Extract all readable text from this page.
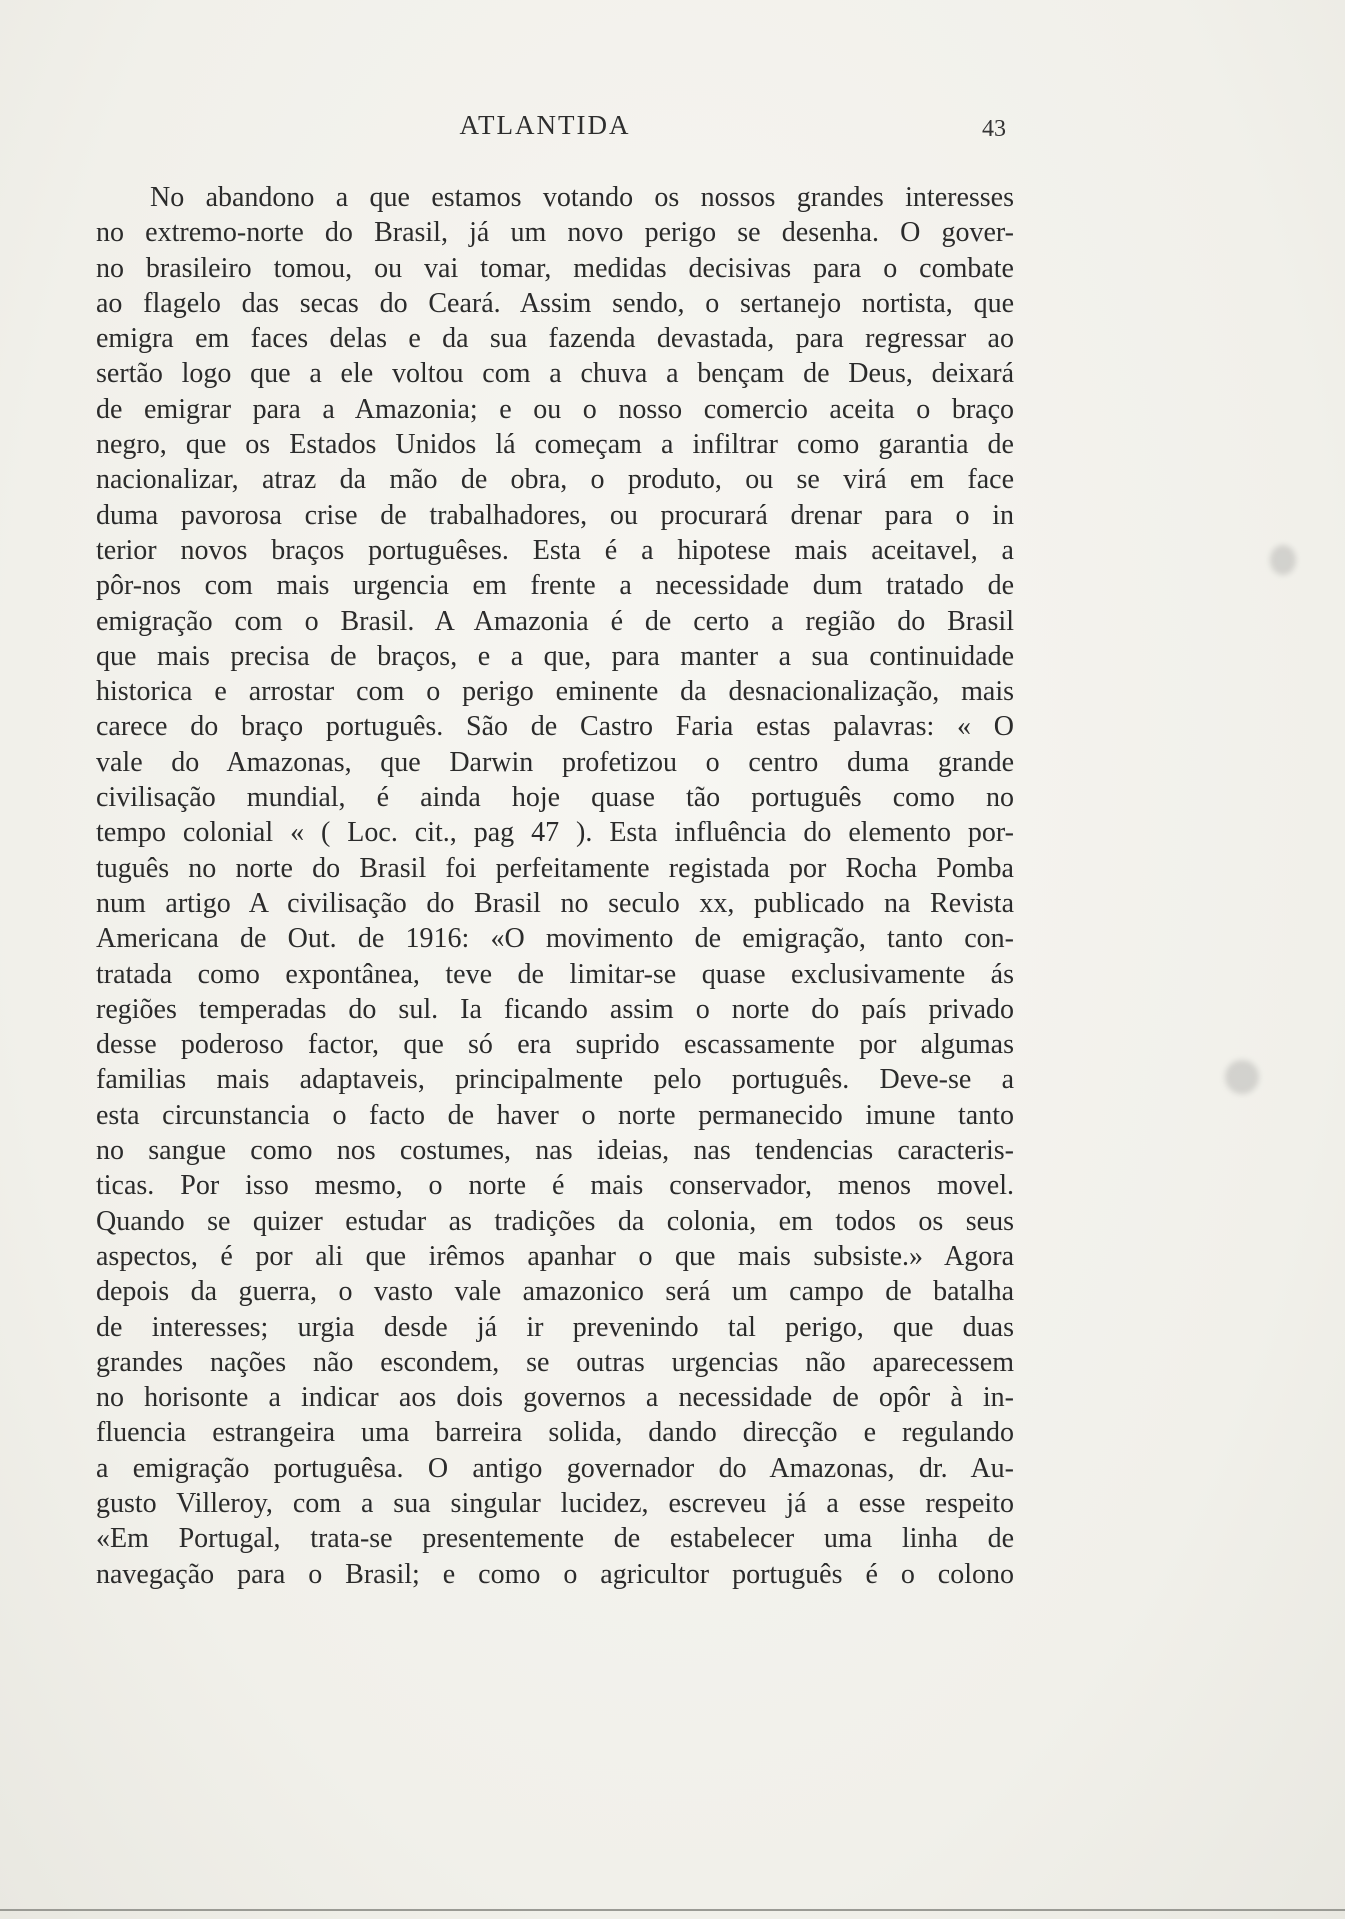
ATLANTIDA	43
No abandono a que estamos votando os nossos grandes interesses
no extremo-norte do Brasil, já um novo perigo se desenha. O gover-
no brasileiro tomou, ou vai tomar, medidas decisivas para o combate
ao flagelo das secas do Ceará. Assim sendo, o sertanejo nortista, que
emigra em faces delas e da sua fazenda devastada, para regressar ao
sertão logo que a ele voltou com a chuva a bençam de Deus, deixará
de emigrar para a Amazonia; e ou o nosso comercio aceita o braço
negro, que os Estados Unidos lá começam a infiltrar como garantia de
nacionalizar, atraz da mão de obra, o produto, ou se virá em face
duma pavorosa crise de trabalhadores, ou procurará drenar para o in
terior novos braços portuguêses. Esta é a hipotese mais aceitavel, a
pôr-nos com mais urgencia em frente a necessidade dum tratado de
emigração com o Brasil. A Amazonia é de certo a região do Brasil
que mais precisa de braços, e a que, para manter a sua continuidade
historica e arrostar com o perigo eminente da desnacionalização, mais
carece do braço português. São de Castro Faria estas palavras: « O
vale do Amazonas, que Darwin profetizou o centro duma grande
civilisação mundial, é ainda hoje quase tão português como no
tempo colonial « ( Loc. cit., pag 47 ). Esta influência do elemento por-
tuguês no norte do Brasil foi perfeitamente registada por Rocha Pomba
num artigo A civilisação do Brasil no seculo xx, publicado na Revista
Americana de Out. de 1916: «O movimento de emigração, tanto con-
tratada como expontânea, teve de limitar-se quase exclusivamente ás
regiões temperadas do sul. Ia ficando assim o norte do país privado
desse poderoso factor, que só era suprido escassamente por algumas
familias mais adaptaveis, principalmente pelo português. Deve-se a
esta circunstancia o facto de haver o norte permanecido imune tanto
no sangue como nos costumes, nas ideias, nas tendencias caracteris-
ticas. Por isso mesmo, o norte é mais conservador, menos movel.
Quando se quizer estudar as tradições da colonia, em todos os seus
aspectos, é por ali que irêmos apanhar o que mais subsiste.» Agora
depois da guerra, o vasto vale amazonico será um campo de batalha
de interesses; urgia desde já ir prevenindo tal perigo, que duas
grandes nações não escondem, se outras urgencias não aparecessem
no horisonte a indicar aos dois governos a necessidade de opôr à in-
fluencia estrangeira uma barreira solida, dando direcção e regulando
a emigração portuguêsa. O antigo governador do Amazonas, dr. Au-
gusto Villeroy, com a sua singular lucidez, escreveu já a esse respeito
«Em Portugal, trata-se presentemente de estabelecer uma linha de
navegação para o Brasil; e como o agricultor português é o colono
